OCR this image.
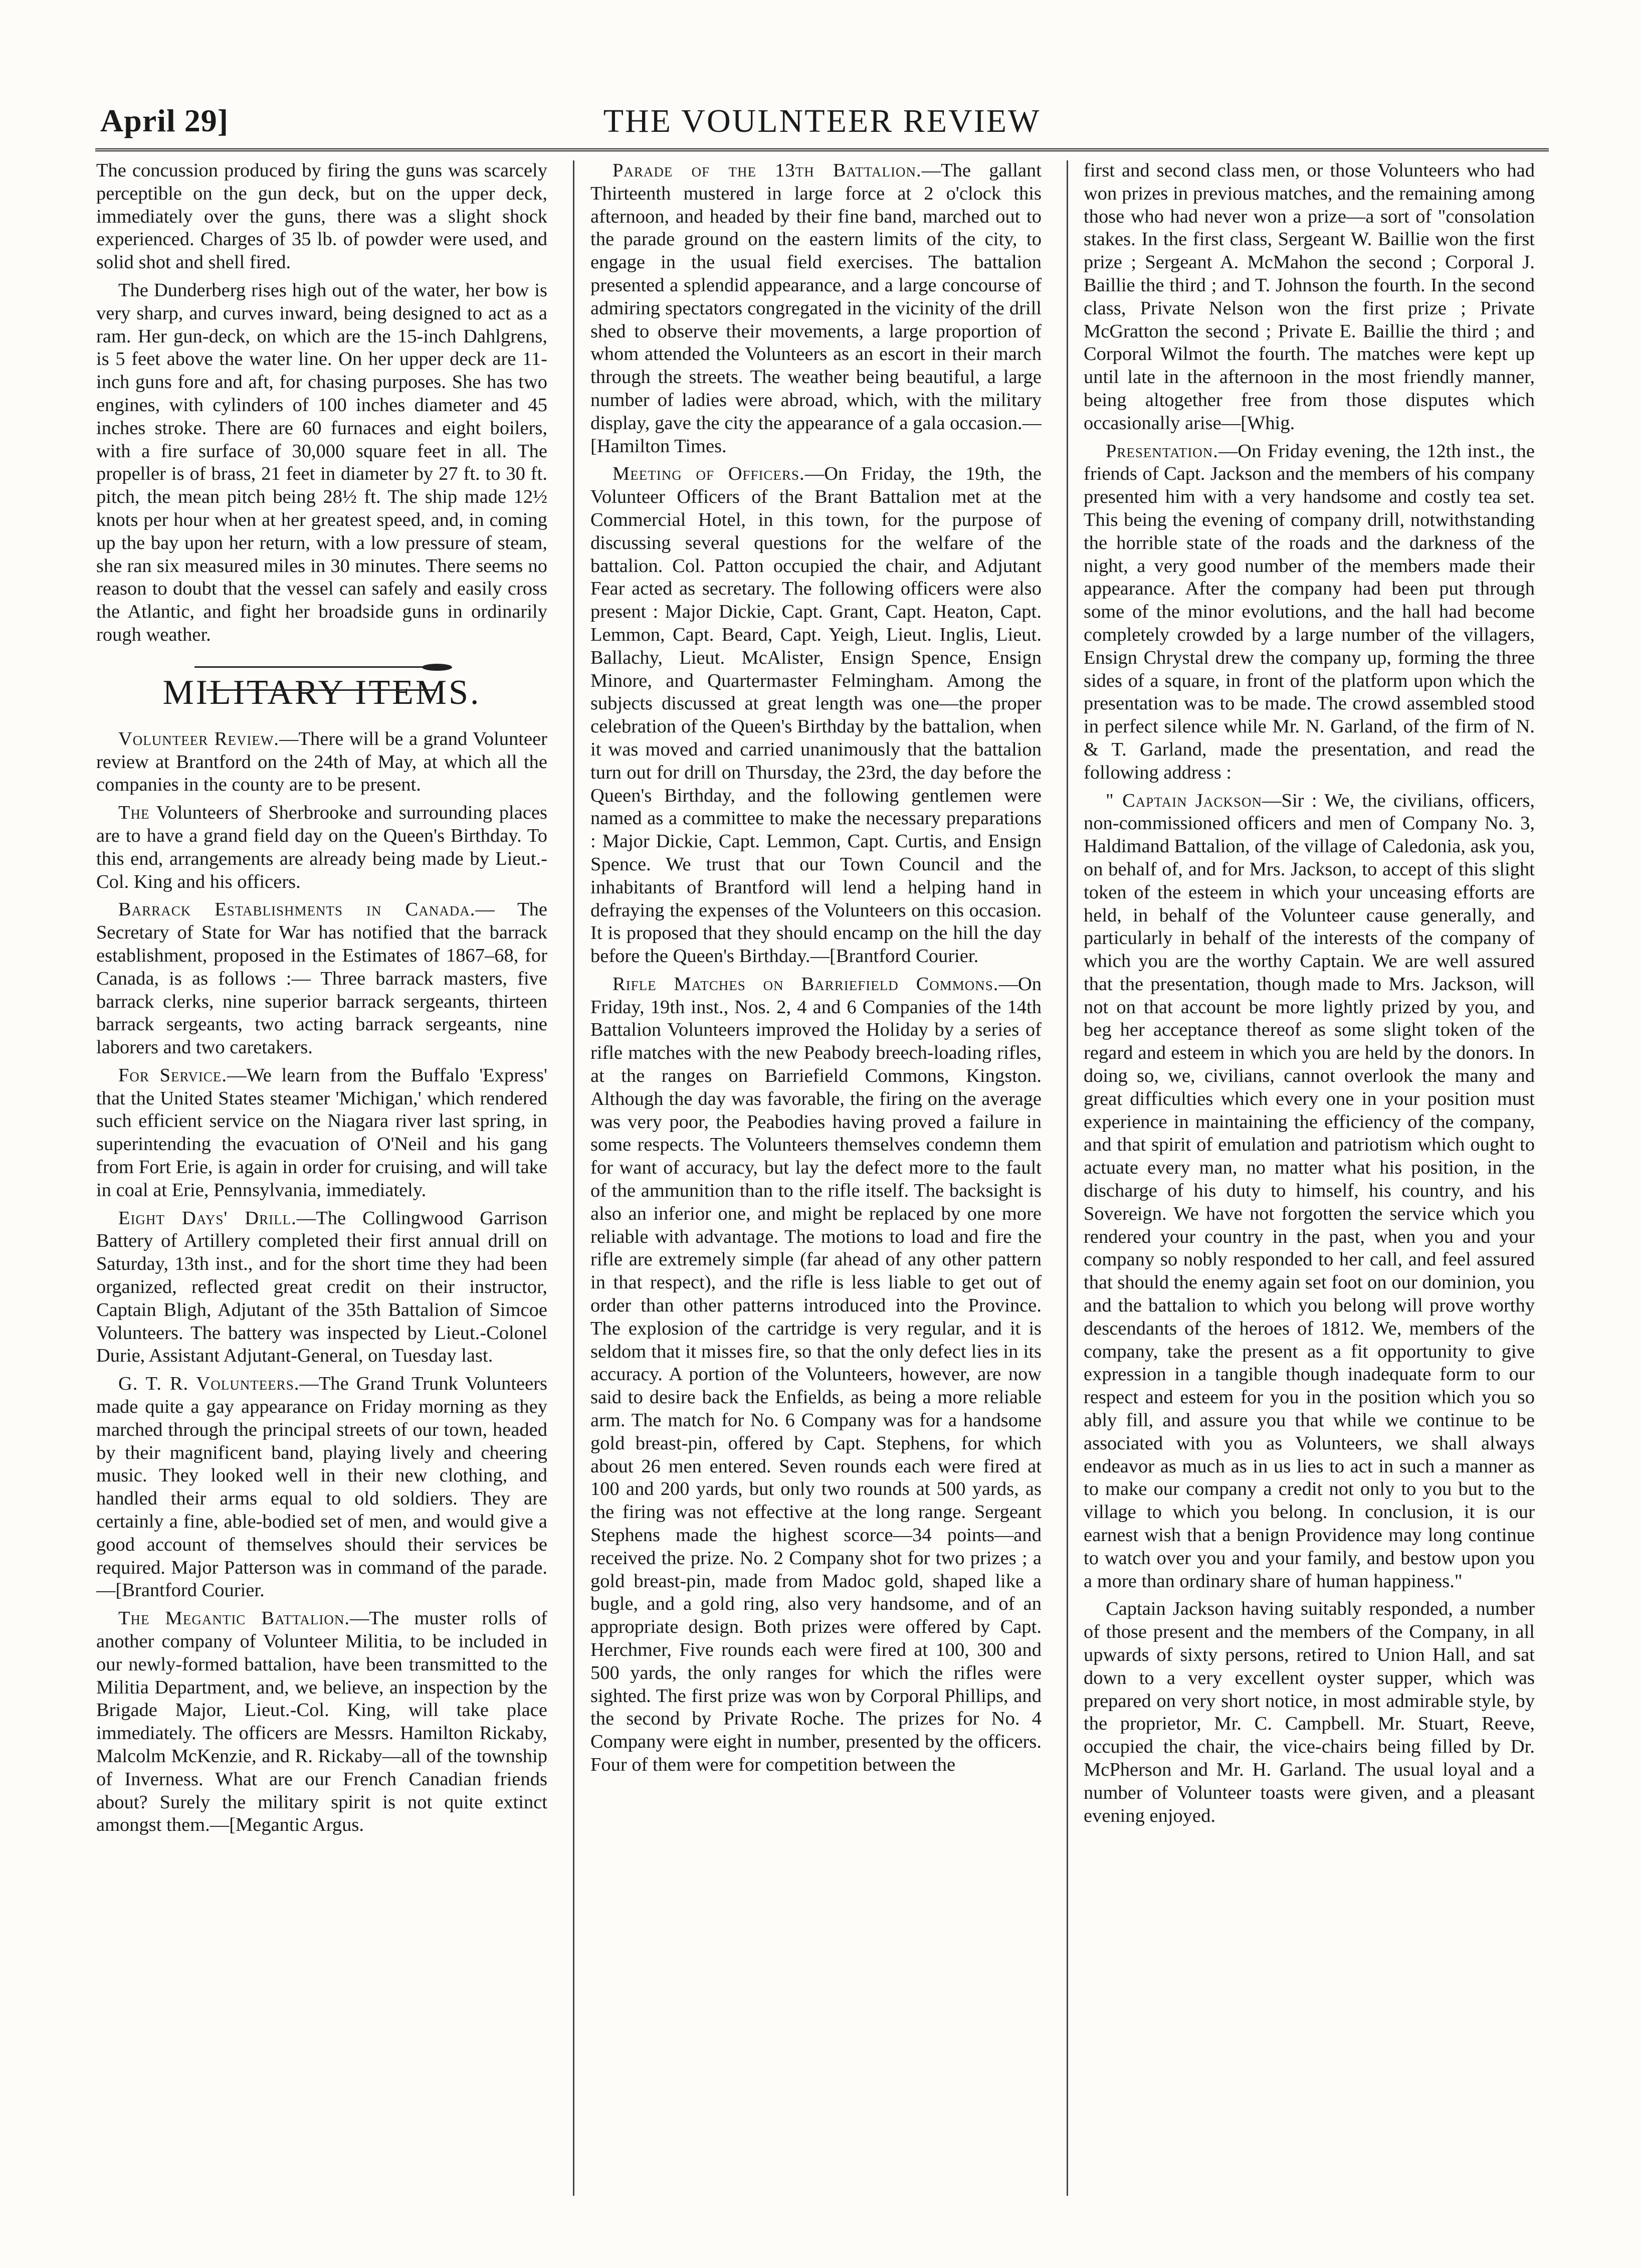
April 29]	THE VOULNTEER REVIEW

The concussion produced by firing the guns was scarcely perceptible on the gun deck, but on the upper deck, immediately over the guns, there was a slight shock experienced. Charges of 35 lb. of powder were used, and solid shot and shell fired.

The Dunderberg rises high out of the water, her bow is very sharp, and curves inward, being designed to act as a ram. Her gun-deck, on which are the 15-inch Dahlgrens, is 5 feet above the water line. On her upper deck are 11-inch guns fore and aft, for chasing purposes. She has two engines, with cylinders of 100 inches diameter and 45 inches stroke. There are 60 furnaces and eight boilers, with a fire surface of 30,000 square feet in all. The propeller is of brass, 21 feet in diameter by 27 ft. to 30 ft. pitch, the mean pitch being 28½ ft. The ship made 12½ knots per hour when at her greatest speed, and, in coming up the bay upon her return, with a low pressure of steam, she ran six measured miles in 30 minutes. There seems no reason to doubt that the vessel can safely and easily cross the Atlantic, and fight her broadside guns in ordinarily rough weather.

MILITARY ITEMS.

Volunteer Review.—There will be a grand Volunteer review at Brantford on the 24th of May, at which all the companies in the county are to be present.

The Volunteers of Sherbrooke and surrounding places are to have a grand field day on the Queen's Birthday. To this end, arrangements are already being made by Lieut.-Col. King and his officers.

Barrack Establishments in Canada.— The Secretary of State for War has notified that the barrack establishment, proposed in the Estimates of 1867–68, for Canada, is as follows :— Three barrack masters, five barrack clerks, nine superior barrack sergeants, thirteen barrack sergeants, two acting barrack sergeants, nine laborers and two caretakers.

For Service.—We learn from the Buffalo 'Express' that the United States steamer 'Michigan,' which rendered such efficient service on the Niagara river last spring, in superintending the evacuation of O'Neil and his gang from Fort Erie, is again in order for cruising, and will take in coal at Erie, Pennsylvania, immediately.

Eight Days' Drill.—The Collingwood Garrison Battery of Artillery completed their first annual drill on Saturday, 13th inst., and for the short time they had been organized, reflected great credit on their instructor, Captain Bligh, Adjutant of the 35th Battalion of Simcoe Volunteers. The battery was inspected by Lieut.-Colonel Durie, Assistant Adjutant-General, on Tuesday last.

G. T. R. Volunteers.—The Grand Trunk Volunteers made quite a gay appearance on Friday morning as they marched through the principal streets of our town, headed by their magnificent band, playing lively and cheering music. They looked well in their new clothing, and handled their arms equal to old soldiers. They are certainly a fine, able-bodied set of men, and would give a good account of themselves should their services be required. Major Patterson was in command of the parade.—[Brantford Courier.

The Megantic Battalion.—The muster rolls of another company of Volunteer Militia, to be included in our newly-formed battalion, have been transmitted to the Militia Department, and, we believe, an inspection by the Brigade Major, Lieut.-Col. King, will take place immediately. The officers are Messrs. Hamilton Rickaby, Malcolm McKenzie, and R. Rickaby—all of the township of Inverness. What are our French Canadian friends about? Surely the military spirit is not quite extinct amongst them.—[Megantic Argus.

Parade of the 13th Battalion.—The gallant Thirteenth mustered in large force at 2 o'clock this afternoon, and headed by their fine band, marched out to the parade ground on the eastern limits of the city, to engage in the usual field exercises. The battalion presented a splendid appearance, and a large concourse of admiring spectators congregated in the vicinity of the drill shed to observe their movements, a large proportion of whom attended the Volunteers as an escort in their march through the streets. The weather being beautiful, a large number of ladies were abroad, which, with the military display, gave the city the appearance of a gala occasion.—[Hamilton Times.

Meeting of Officers.—On Friday, the 19th, the Volunteer Officers of the Brant Battalion met at the Commercial Hotel, in this town, for the purpose of discussing several questions for the welfare of the battalion. Col. Patton occupied the chair, and Adjutant Fear acted as secretary. The following officers were also present : Major Dickie, Capt. Grant, Capt. Heaton, Capt. Lemmon, Capt. Beard, Capt. Yeigh, Lieut. Inglis, Lieut. Ballachy, Lieut. McAlister, Ensign Spence, Ensign Minore, and Quartermaster Felmingham. Among the subjects discussed at great length was one—the proper celebration of the Queen's Birthday by the battalion, when it was moved and carried unanimously that the battalion turn out for drill on Thursday, the 23rd, the day before the Queen's Birthday, and the following gentlemen were named as a committee to make the necessary preparations : Major Dickie, Capt. Lemmon, Capt. Curtis, and Ensign Spence. We trust that our Town Council and the inhabitants of Brantford will lend a helping hand in defraying the expenses of the Volunteers on this occasion. It is proposed that they should encamp on the hill the day before the Queen's Birthday.—[Brantford Courier.

Rifle Matches on Barriefield Commons.—On Friday, 19th inst., Nos. 2, 4 and 6 Companies of the 14th Battalion Volunteers improved the Holiday by a series of rifle matches with the new Peabody breech-loading rifles, at the ranges on Barriefield Commons, Kingston. Although the day was favorable, the firing on the average was very poor, the Peabodies having proved a failure in some respects. The Volunteers themselves condemn them for want of accuracy, but lay the defect more to the fault of the ammunition than to the rifle itself. The backsight is also an inferior one, and might be replaced by one more reliable with advantage. The motions to load and fire the rifle are extremely simple (far ahead of any other pattern in that respect), and the rifle is less liable to get out of order than other patterns introduced into the Province. The explosion of the cartridge is very regular, and it is seldom that it misses fire, so that the only defect lies in its accuracy. A portion of the Volunteers, however, are now said to desire back the Enfields, as being a more reliable arm. The match for No. 6 Company was for a handsome gold breast-pin, offered by Capt. Stephens, for which about 26 men entered. Seven rounds each were fired at 100 and 200 yards, but only two rounds at 500 yards, as the firing was not effective at the long range. Sergeant Stephens made the highest scorce—34 points—and received the prize. No. 2 Company shot for two prizes ; a gold breast-pin, made from Madoc gold, shaped like a bugle, and a gold ring, also very handsome, and of an appropriate design. Both prizes were offered by Capt. Herchmer, Five rounds each were fired at 100, 300 and 500 yards, the only ranges for which the rifles were sighted. The first prize was won by Corporal Phillips, and the second by Private Roche. The prizes for No. 4 Company were eight in number, presented by the officers. Four of them were for competition between the

first and second class men, or those Volunteers who had won prizes in previous matches, and the remaining among those who had never won a prize—a sort of "consolation stakes. In the first class, Sergeant W. Baillie won the first prize ; Sergeant A. McMahon the second ; Corporal J. Baillie the third ; and T. Johnson the fourth. In the second class, Private Nelson won the first prize ; Private McGratton the second ; Private E. Baillie the third ; and Corporal Wilmot the fourth. The matches were kept up until late in the afternoon in the most friendly manner, being altogether free from those disputes which occasionally arise—[Whig.

Presentation.—On Friday evening, the 12th inst., the friends of Capt. Jackson and the members of his company presented him with a very handsome and costly tea set. This being the evening of company drill, notwithstanding the horrible state of the roads and the darkness of the night, a very good number of the members made their appearance. After the company had been put through some of the minor evolutions, and the hall had become completely crowded by a large number of the villagers, Ensign Chrystal drew the company up, forming the three sides of a square, in front of the platform upon which the presentation was to be made. The crowd assembled stood in perfect silence while Mr. N. Garland, of the firm of N. & T. Garland, made the presentation, and read the following address :

" Captain Jackson—Sir : We, the civilians, officers, non-commissioned officers and men of Company No. 3, Haldimand Battalion, of the village of Caledonia, ask you, on behalf of, and for Mrs. Jackson, to accept of this slight token of the esteem in which your unceasing efforts are held, in behalf of the Volunteer cause generally, and particularly in behalf of the interests of the company of which you are the worthy Captain. We are well assured that the presentation, though made to Mrs. Jackson, will not on that account be more lightly prized by you, and beg her acceptance thereof as some slight token of the regard and esteem in which you are held by the donors. In doing so, we, civilians, cannot overlook the many and great difficulties which every one in your position must experience in maintaining the efficiency of the company, and that spirit of emulation and patriotism which ought to actuate every man, no matter what his position, in the discharge of his duty to himself, his country, and his Sovereign. We have not forgotten the service which you rendered your country in the past, when you and your company so nobly responded to her call, and feel assured that should the enemy again set foot on our dominion, you and the battalion to which you belong will prove worthy descendants of the heroes of 1812. We, members of the company, take the present as a fit opportunity to give expression in a tangible though inadequate form to our respect and esteem for you in the position which you so ably fill, and assure you that while we continue to be associated with you as Volunteers, we shall always endeavor as much as in us lies to act in such a manner as to make our company a credit not only to you but to the village to which you belong. In conclusion, it is our earnest wish that a benign Providence may long continue to watch over you and your family, and bestow upon you a more than ordinary share of human happiness."

Captain Jackson having suitably responded, a number of those present and the members of the Company, in all upwards of sixty persons, retired to Union Hall, and sat down to a very excellent oyster supper, which was prepared on very short notice, in most admirable style, by the proprietor, Mr. C. Campbell. Mr. Stuart, Reeve, occupied the chair, the vice-chairs being filled by Dr. McPherson and Mr. H. Garland. The usual loyal and a number of Volunteer toasts were given, and a pleasant evening enjoyed.
